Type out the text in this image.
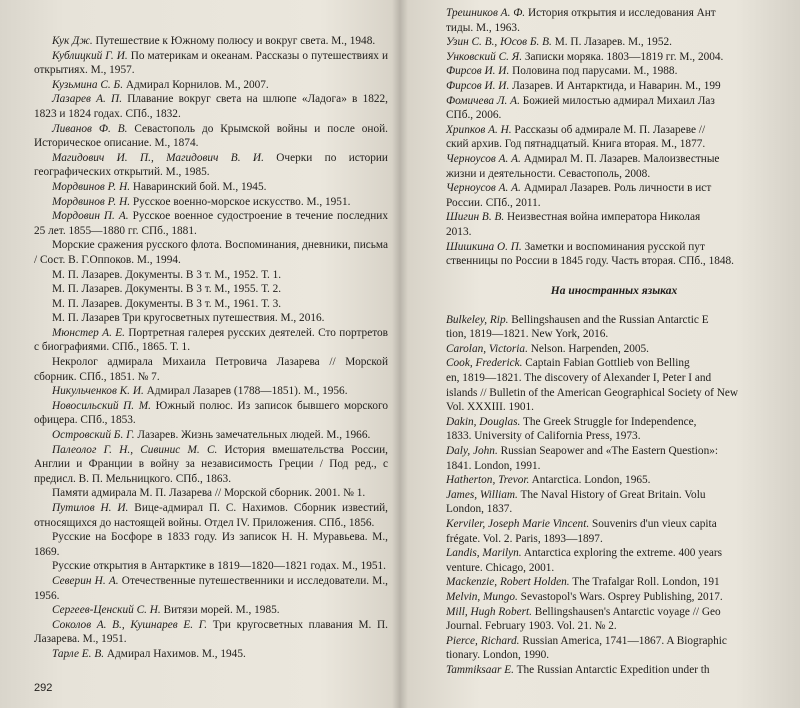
Кук Дж. Путешествие к Южному полюсу и вокруг света. М., 1948.

Кублицкий Г. И. По материкам и океанам. Рассказы о путешествиях и открытиях. М., 1957.

Кузьмина С. Б. Адмирал Корнилов. М., 2007.

Лазарев А. П. Плавание вокруг света на шлюпе «Ладога» в 1822, 1823 и 1824 годах. СПб., 1832.

Ливанов Ф. В. Севастополь до Крымской войны и после оной. Историческое описание. М., 1874.

Магидович И. П., Магидович В. И. Очерки по истории географических открытий. М., 1985.

Мордвинов Р. Н. Наваринский бой. М., 1945.

Мордвинов Р. Н. Русское военно-морское искусство. М., 1951.

Мордовин П. А. Русское военное судостроение в течение последних 25 лет. 1855—1880 гг. СПб., 1881.

Морские сражения русского флота. Воспоминания, дневники, письма / Сост. В. Г.Оппоков. М., 1994.

М. П. Лазарев. Документы. В 3 т. М., 1952. Т. 1.

М. П. Лазарев. Документы. В 3 т. М., 1955. Т. 2.

М. П. Лазарев. Документы. В 3 т. М., 1961. Т. 3.

М. П. Лазарев Три кругосветных путешествия. М., 2016.

Мюнстер А. Е. Портретная галерея русских деятелей. Сто портретов с биографиями. СПб., 1865. Т. 1.

Некролог адмирала Михаила Петровича Лазарева // Морской сборник. СПб., 1851. № 7.

Никульченков К. И. Адмирал Лазарев (1788—1851). М., 1956.

Новосильский П. М. Южный полюс. Из записок бывшего морского офицера. СПб., 1853.

Островский Б. Г. Лазарев. Жизнь замечательных людей. М., 1966.

Палеолог Г. Н., Сивинис М. С. История вмешательства России, Англии и Франции в войну за независимость Греции / Под ред., с предисл. В. П. Мельницкого. СПб., 1863.

Памяти адмирала М. П. Лазарева // Морской сборник. 2001. № 1.

Путилов Н. И. Вице-адмирал П. С. Нахимов. Сборник известий, относящихся до настоящей войны. Отдел IV. Приложения. СПб., 1856.

Русские на Босфоре в 1833 году. Из записок Н. Н. Муравьева. М., 1869.

Русские открытия в Антарктике в 1819—1820—1821 годах. М., 1951.

Северин Н. А. Отечественные путешественники и исследователи. М., 1956.

Сергеев-Ценский С. Н. Витязи морей. М., 1985.

Соколов А. В., Кушнарев Е. Г. Три кругосветных плавания М. П. Лазарева. М., 1951.

Тарле Е. В. Адмирал Нахимов. М., 1945.

292

Трешников А. Ф. История открытия и исследования Ант

тиды. М., 1963.

Узин С. В., Юсов Б. В. М. П. Лазарев. М., 1952.

Унковский С. Я. Записки моряка. 1803—1819 гг. М., 2004.

Фирсов И. И. Половина под парусами. М., 1988.

Фирсов И. И. Лазарев. И Антарктида, и Наварин. М., 199

Фомичева Л. А. Божией милостью адмирал Михаил Лаз

СПб., 2006.

Хрипков А. Н. Рассказы об адмирале М. П. Лазареве //

ский архив. Год пятнадцатый. Книга вторая. М., 1877.

Черноусов А. А. Адмирал М. П. Лазарев. Малоизвестные

жизни и деятельности. Севастополь, 2008.

Черноусов А. А. Адмирал Лазарев. Роль личности в ист

России. СПб., 2011.

Шигин В. В. Неизвестная война императора Николая

2013.

Шишкина О. П. Заметки и воспоминания русской пут

ственницы по России в 1845 году. Часть вторая. СПб., 1848.

На иностранных языках

Bulkeley, Rip. Bellingshausen and the Russian Antarctic E

tion, 1819—1821. New York, 2016.

Carolan, Victoria. Nelson. Harpenden, 2005.

Cook, Frederick. Captain Fabian Gottlieb von Belling

en, 1819—1821. The discovery of Alexander I, Peter I and

islands // Bulletin of the American Geographical Society of New

Vol. XXXIII. 1901.

Dakin, Douglas. The Greek Struggle for Independence,

1833. University of California Press, 1973.

Daly, John. Russian Seapower and «The Eastern Question»:

1841. London, 1991.

Hatherton, Trevor. Antarctica. London, 1965.

James, William. The Naval History of Great Britain. Volu

London, 1837.

Kerviler, Joseph Marie Vincent. Souvenirs d'un vieux capita

frégate. Vol. 2. Paris, 1893—1897.

Landis, Marilyn. Antarctica exploring the extreme. 400 years

venture. Chicago, 2001.

Mackenzie, Robert Holden. The Trafalgar Roll. London, 191

Melvin, Mungo. Sevastopol's Wars. Osprey Publishing, 2017.

Mill, Hugh Robert. Bellingshausen's Antarctic voyage // Geo

Journal. February 1903. Vol. 21. № 2.

Pierce, Richard. Russian America, 1741—1867. A Biographic

tionary. London, 1990.

Tammiksaar E. The Russian Antarctic Expedition under th
